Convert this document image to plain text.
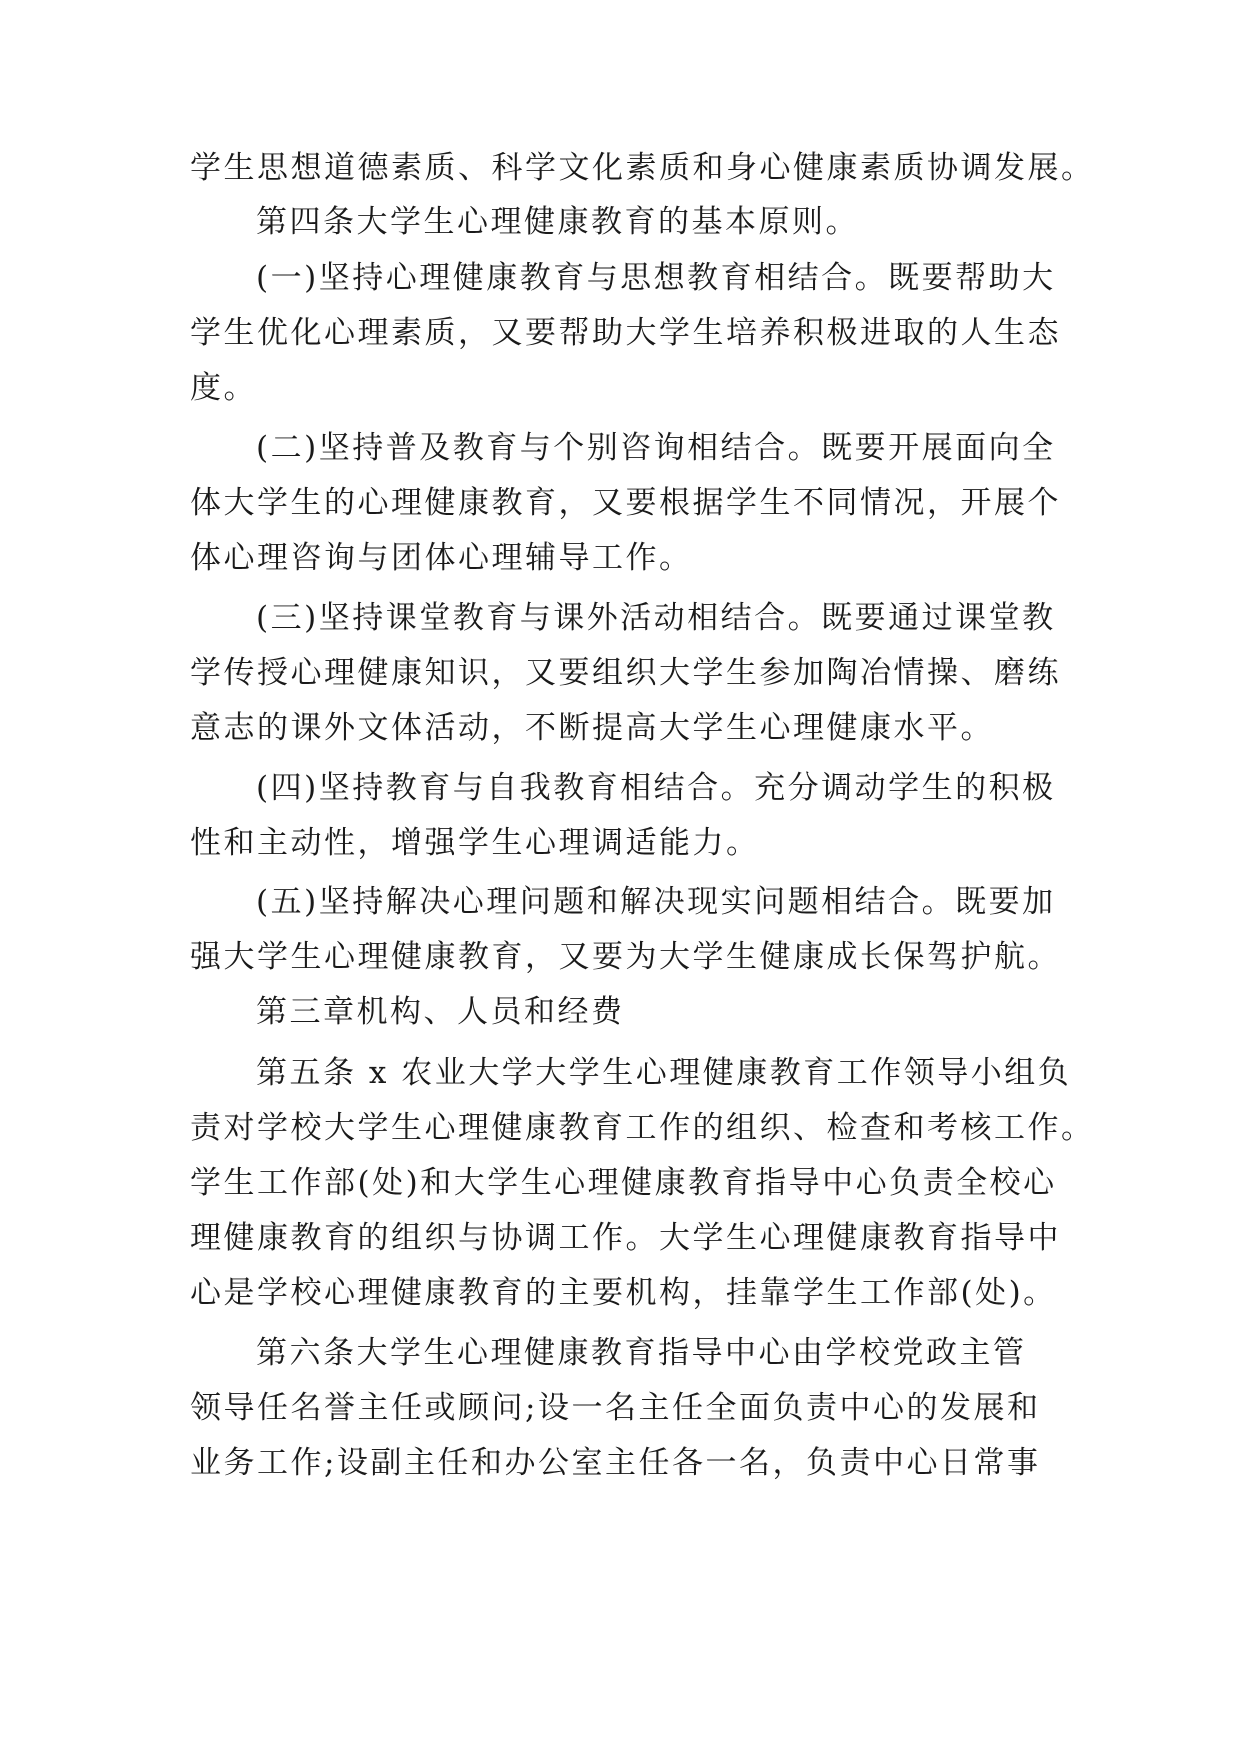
学生思想道德素质、科学文化素质和身心健康素质协调发展。
第四条大学生心理健康教育的基本原则。
(一)坚持心理健康教育与思想教育相结合。既要帮助大
学生优化心理素质，又要帮助大学生培养积极进取的人生态
度。
(二)坚持普及教育与个别咨询相结合。既要开展面向全
体大学生的心理健康教育，又要根据学生不同情况，开展个
体心理咨询与团体心理辅导工作。
(三)坚持课堂教育与课外活动相结合。既要通过课堂教
学传授心理健康知识，又要组织大学生参加陶冶情操、磨练
意志的课外文体活动，不断提高大学生心理健康水平。
(四)坚持教育与自我教育相结合。充分调动学生的积极
性和主动性，增强学生心理调适能力。
(五)坚持解决心理问题和解决现实问题相结合。既要加
强大学生心理健康教育，又要为大学生健康成长保驾护航。
第三章机构、人员和经费
第五条 x 农业大学大学生心理健康教育工作领导小组负
责对学校大学生心理健康教育工作的组织、检查和考核工作。
学生工作部(处)和大学生心理健康教育指导中心负责全校心
理健康教育的组织与协调工作。大学生心理健康教育指导中
心是学校心理健康教育的主要机构，挂靠学生工作部(处)。
第六条大学生心理健康教育指导中心由学校党政主管
领导任名誉主任或顾问;设一名主任全面负责中心的发展和
业务工作;设副主任和办公室主任各一名，负责中心日常事
